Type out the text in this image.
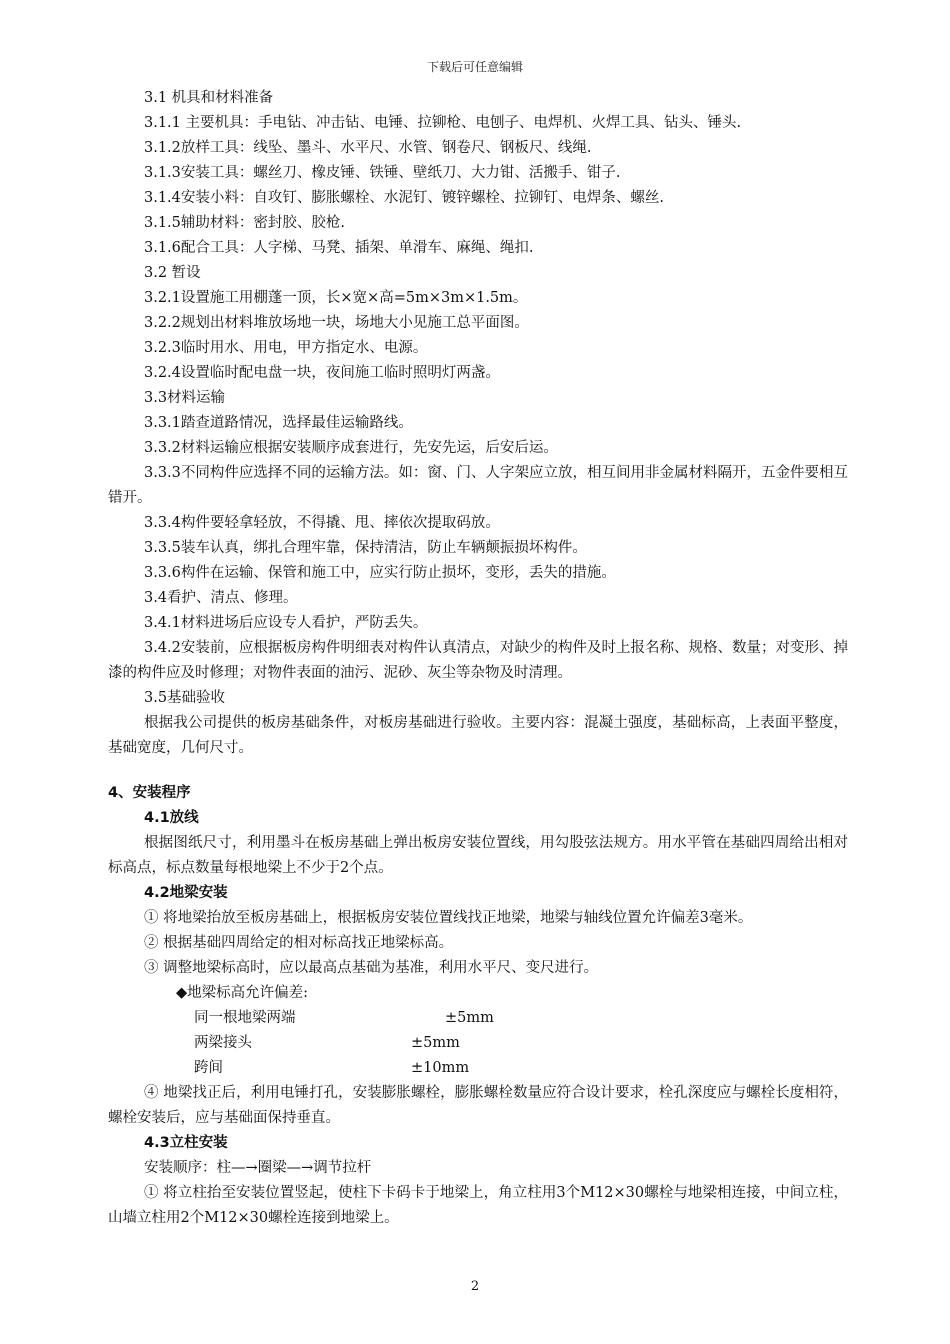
下载后可任意编辑
3.1 机具和材料准备
3.1.1 主要机具：手电钻、冲击钻、电锤、拉铆枪、电刨子、电焊机、火焊工具、钻头、锤头.
3.1.2放样工具：线坠、墨斗、水平尺、水管、钢卷尺、钢板尺、线绳.
3.1.3安装工具：螺丝刀、橡皮锤、铁锤、壁纸刀、大力钳、活搬手、钳子.
3.1.4安装小料：自攻钉、膨胀螺栓、水泥钉、镀锌螺栓、拉铆钉、电焊条、螺丝.
3.1.5辅助材料：密封胶、胶枪.
3.1.6配合工具：人字梯、马凳、插架、单滑车、麻绳、绳扣.
3.2 暂设
3.2.1设置施工用棚蓬一顶，长×宽×高=5m×3m×1.5m。
3.2.2规划出材料堆放场地一块，场地大小见施工总平面图。
3.2.3临时用水、用电，甲方指定水、电源。
3.2.4设置临时配电盘一块，夜间施工临时照明灯两盏。
3.3材料运输
3.3.1踏查道路情况，选择最佳运输路线。
3.3.2材料运输应根据安装顺序成套进行，先安先运，后安后运。
3.3.3不同构件应选择不同的运输方法。如：窗、门、人字架应立放，相互间用非金属材料隔开，五金件要相互错开。
3.3.4构件要轻拿轻放，不得撬、甩、摔依次提取码放。
3.3.5装车认真，绑扎合理牢靠，保持清洁，防止车辆颠振损坏构件。
3.3.6构件在运输、保管和施工中，应实行防止损坏，变形，丢失的措施。
3.4看护、清点、修理。
3.4.1材料进场后应设专人看护，严防丢失。
3.4.2安装前，应根据板房构件明细表对构件认真清点，对缺少的构件及时上报名称、规格、数量；对变形、掉漆的构件应及时修理；对物件表面的油污、泥砂、灰尘等杂物及时清理。
3.5基础验收
根据我公司提供的板房基础条件，对板房基础进行验收。主要内容：混凝土强度，基础标高，上表面平整度，基础宽度，几何尺寸。
4、安装程序
4.1放线
根据图纸尺寸，利用墨斗在板房基础上弹出板房安装位置线，用勾股弦法规方。用水平管在基础四周给出相对标高点，标点数量每根地梁上不少于2个点。
4.2地梁安装
① 将地梁抬放至板房基础上，根据板房安装位置线找正地梁，地梁与轴线位置允许偏差3毫米。
② 根据基础四周给定的相对标高找正地梁标高。
③ 调整地梁标高时，应以最高点基础为基准，利用水平尺、变尺进行。
◆地梁标高允许偏差:
同一根地梁两端	±5mm
两梁接头	±5mm
跨间	±10mm
④ 地梁找正后，利用电锤打孔，安装膨胀螺栓，膨胀螺栓数量应符合设计要求，栓孔深度应与螺栓长度相符，螺栓安装后，应与基础面保持垂直。
4.3立柱安装
安装顺序：柱—→圈梁—→调节拉杆
① 将立柱抬至安装位置竖起，使柱下卡码卡于地梁上，角立柱用3个M12×30螺栓与地梁相连接，中间立柱，山墙立柱用2个M12×30螺栓连接到地梁上。
2
